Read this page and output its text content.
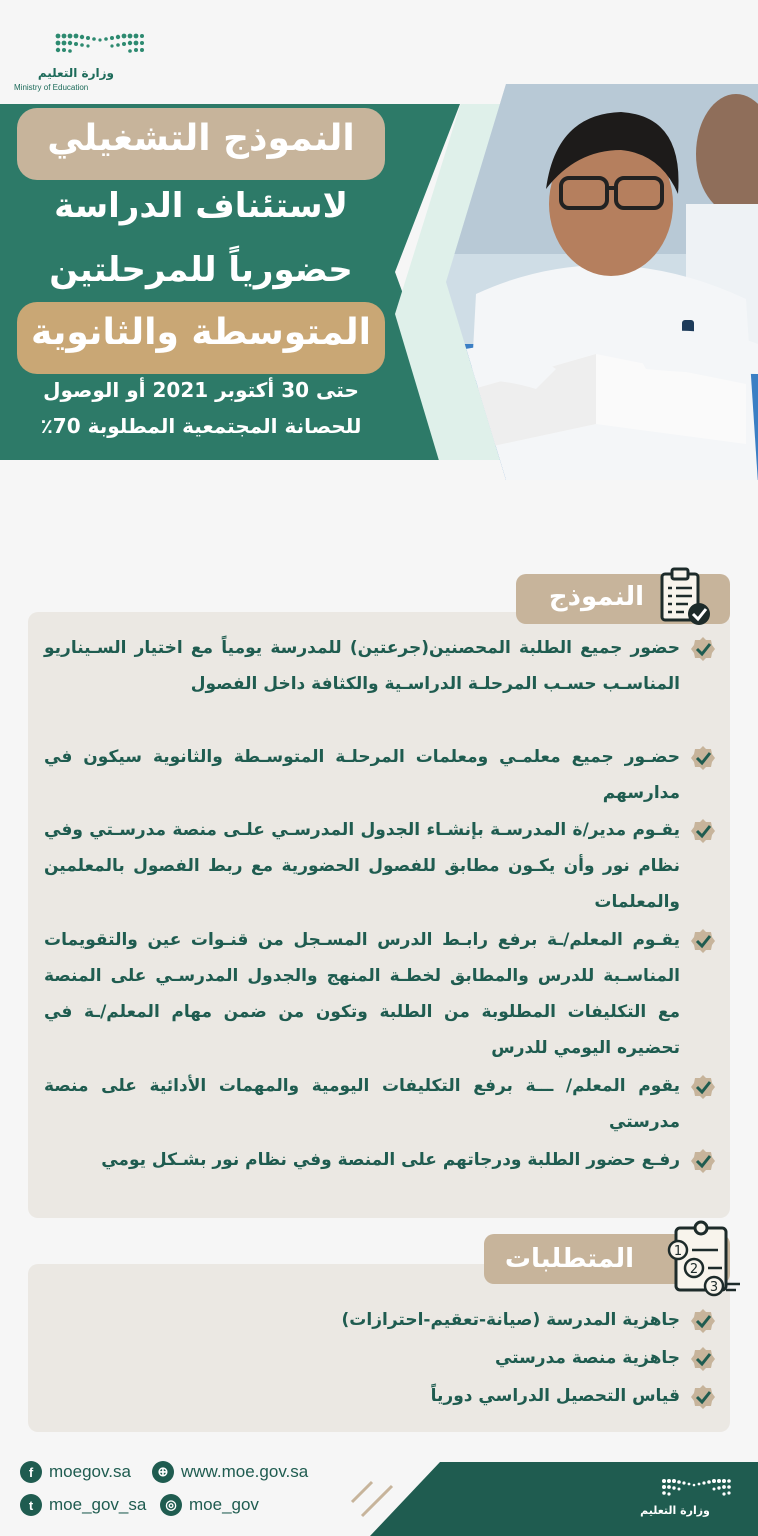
وزارة التعليم
Ministry of Education
النموذج التشغيلي
لاستئناف الدراسة
حضورياً للمرحلتين
المتوسطة والثانوية
حتى 30 أكتوبر 2021 أو الوصول
للحصانة المجتمعية المطلوبة 70٪
النموذج
حضور جميع الطلبة المحصنين(جرعتين) للمدرسة يومياً مع اختيار السـيناريو المناسـب حسـب المرحلـة الدراسـية والكثافة داخل الفصول
حضـور جميع معلمـي ومعلمات المرحلـة المتوسـطة والثانوية سيكون في مدارسهم
يقـوم مدير/ة المدرسـة بإنشـاء الجدول المدرسـي علـى منصة مدرسـتي وفي نظام نور وأن يكـون مطابق للفصول الحضورية مع ربط الفصول بالمعلمين والمعلمات
يقـوم المعلم/ـة برفع رابـط الدرس المسـجل من قنـوات عين والتقويمات المناسـبة للدرس والمطابق لخطـة المنهج والجدول المدرسـي على المنصة مع التكليفات المطلوبة من الطلبة وتكون من ضمن مهام المعلم/ـة في تحضيره اليومي للدرس
يقوم المعلم/ ـــة برفع التكليفات اليومية والمهمات الأدائية على منصة مدرستي
رفـع حضور الطلبة ودرجاتهم على المنصة وفي نظام نور بشـكل يومي
المتطلبات	1
2
3
جاهزية المدرسة (صيانة-تعقيم-احترازات)
جاهزية منصة مدرستي
قياس التحصيل الدراسي دورياً
f moegov.sa	⊕ www.moe.gov.sa
t moe_gov_sa	◎ moe_gov	وزارة التعليم
